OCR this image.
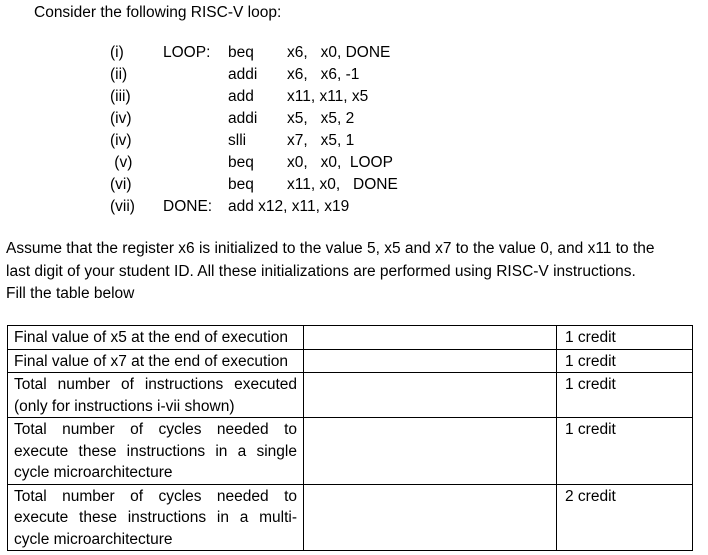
Consider the following RISC-V loop:

(i)	LOOP: beq x6,   x0, DONE
(ii)	addi x6,   x6, -1
(iii)	add x11, x11, x5
(iv)	addi x5,   x5, 2
(iv)	slli	x7,   x5, 1
(v)	beq x0,   x0,  LOOP
(vi)	beq x11, x0,   DONE
(vii) DONE: add x12, x11, x19

Assume that the register x6 is initialized to the value 5, x5 and x7 to the value 0, and x11 to the
last digit of your student ID. All these initializations are performed using RISC-V instructions.
Fill the table below

Final value of x5 at the end of execution		1 credit
Final value of x7 at the end of execution		1 credit
Total number of instructions executed (only for instructions i-vii shown)		1 credit
Total number of cycles needed to execute these instructions in a single cycle microarchitecture		1 credit
Total number of cycles needed to execute these instructions in a multi-cycle microarchitecture		2 credit
